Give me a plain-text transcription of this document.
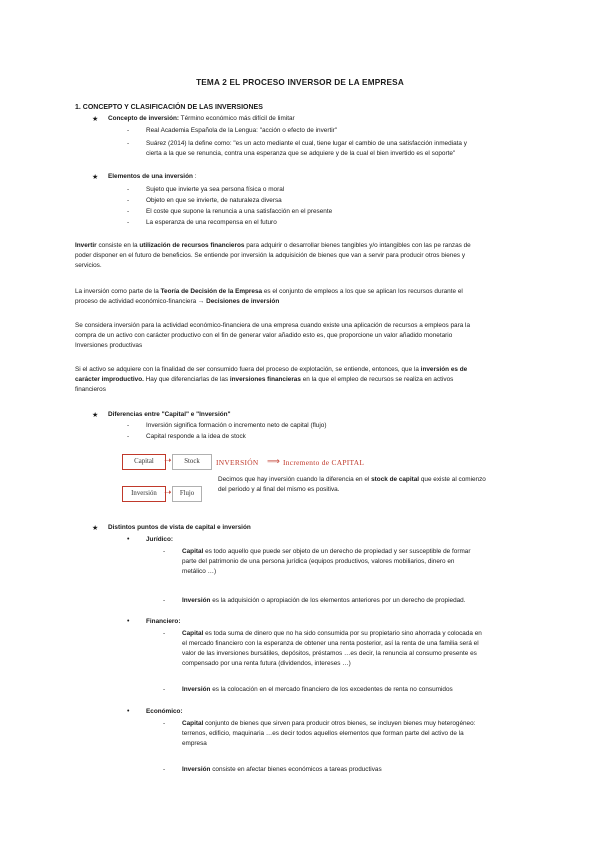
TEMA 2 EL PROCESO INVERSOR DE LA EMPRESA
1. CONCEPTO Y CLASIFICACIÓN DE LAS INVERSIONES
★ Concepto de inversión: Término económico más difícil de limitar
-	Real Academia Española de la Lengua: "acción o efecto de invertir"
-	Suárez (2014) la define como: "es un acto mediante el cual, tiene lugar el cambio de una satisfacción inmediata y
cierta a la que se renuncia, contra una esperanza que se adquiere y de la cual el bien invertido es el soporte"
★ Elementos de una inversión :
-	Sujeto que invierte ya sea persona física o moral
-	Objeto en que se invierte, de naturaleza diversa
-	El coste que supone la renuncia a una satisfacción en el presente
-	La esperanza de una recompensa en el futuro
Invertir consiste en la utilización de recursos financieros para adquirir o desarrollar bienes tangibles y/o intangibles con las pe ranzas de
poder disponer en el futuro de beneficios. Se entiende por inversión la adquisición de bienes que van a servir para producir otros bienes y
servicios.
La inversión como parte de la Teoría de Decisión de la Empresa es el conjunto de empleos a los que se aplican los recursos durante el
proceso de actividad económico-financiera → Decisiones de inversión
Se considera inversión para la actividad económico-financiera de una empresa cuando existe una aplicación de recursos a empleos para la
compra de un activo con carácter productivo con el fin de generar valor añadido esto es, que proporcione un valor añadido monetario
Inversiones productivas
Si el activo se adquiere con la finalidad de ser consumido fuera del proceso de explotación, se entiende, entonces, que la inversión es de
carácter improductivo. Hay que diferenciarlas de las inversiones financieras en la que el empleo de recursos se realiza en activos
financieros
★ Diferencias entre "Capital" e "Inversión"
-	Inversión significa formación o incremento neto de capital (flujo)
-	Capital responde a la idea de stock
Capital	➝	Stock
Inversión ➝	Flujo
INVERSIÓN ⟹ Incremento de CAPITAL
Decimos que hay inversión cuando la diferencia en el stock de capital que existe al comienzo
del periodo y al final del mismo es positiva.
★ Distintos puntos de vista de capital e inversión
•	Jurídico:
-	Capital es todo aquello que puede ser objeto de un derecho de propiedad y ser susceptible de formar
parte del patrimonio de una persona jurídica (equipos productivos, valores mobiliarios, dinero en
metálico …)
-	Inversión es la adquisición o apropiación de los elementos anteriores por un derecho de propiedad.
•	Financiero:
-	Capital es toda suma de dinero que no ha sido consumida por su propietario sino ahorrada y colocada en
el mercado financiero con la esperanza de obtener una renta posterior, así la renta de una familia será el
valor de las inversiones bursátiles, depósitos, préstamos …es decir, la renuncia al consumo presente es
compensado por una renta futura (dividendos, intereses …)
-	Inversión es la colocación en el mercado financiero de los excedentes de renta no consumidos
•	Económico:
-	Capital conjunto de bienes que sirven para producir otros bienes, se incluyen bienes muy heterogéneo:
terrenos, edificio, maquinaria …es decir todos aquellos elementos que forman parte del activo de la
empresa
-	Inversión consiste en afectar bienes económicos a tareas productivas
